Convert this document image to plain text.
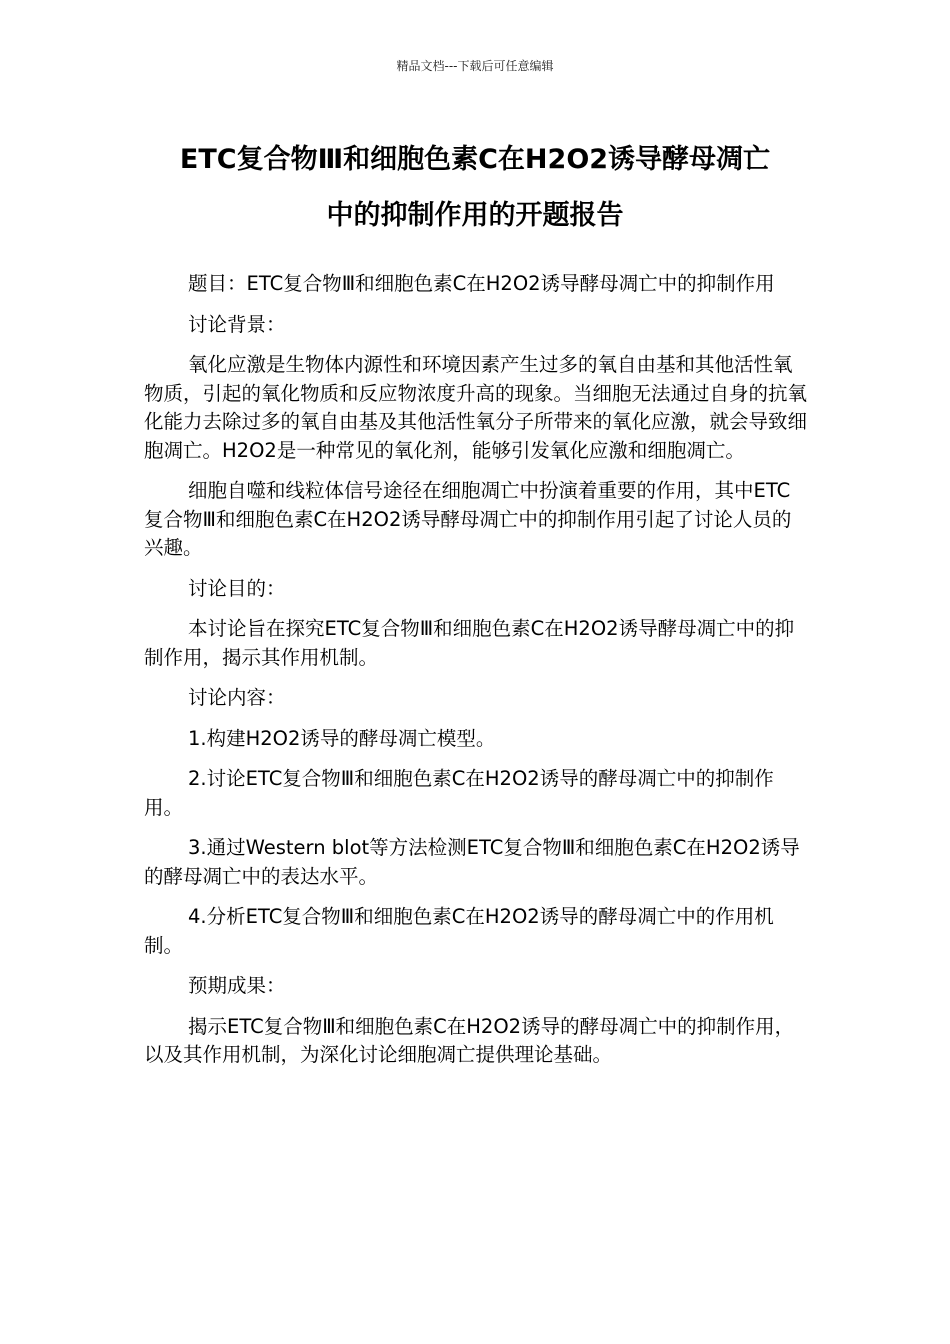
精品文档---下载后可任意编辑
ETC复合物Ⅲ和细胞色素C在H2O2诱导酵母凋亡
中的抑制作用的开题报告

题目：ETC复合物Ⅲ和细胞色素C在H2O2诱导酵母凋亡中的抑制作用

讨论背景：

氧化应激是生物体内源性和环境因素产生过多的氧自由基和其他活性氧物质，引起的氧化物质和反应物浓度升高的现象。当细胞无法通过自身的抗氧化能力去除过多的氧自由基及其他活性氧分子所带来的氧化应激，就会导致细胞凋亡。H2O2是一种常见的氧化剂，能够引发氧化应激和细胞凋亡。

细胞自噬和线粒体信号途径在细胞凋亡中扮演着重要的作用，其中ETC复合物Ⅲ和细胞色素C在H2O2诱导酵母凋亡中的抑制作用引起了讨论人员的兴趣。

讨论目的：

本讨论旨在探究ETC复合物Ⅲ和细胞色素C在H2O2诱导酵母凋亡中的抑制作用，揭示其作用机制。

讨论内容：

1.构建H2O2诱导的酵母凋亡模型。

2.讨论ETC复合物Ⅲ和细胞色素C在H2O2诱导的酵母凋亡中的抑制作用。

3.通过Western blot等方法检测ETC复合物Ⅲ和细胞色素C在H2O2诱导的酵母凋亡中的表达水平。

4.分析ETC复合物Ⅲ和细胞色素C在H2O2诱导的酵母凋亡中的作用机制。

预期成果：

揭示ETC复合物Ⅲ和细胞色素C在H2O2诱导的酵母凋亡中的抑制作用，以及其作用机制，为深化讨论细胞凋亡提供理论基础。
